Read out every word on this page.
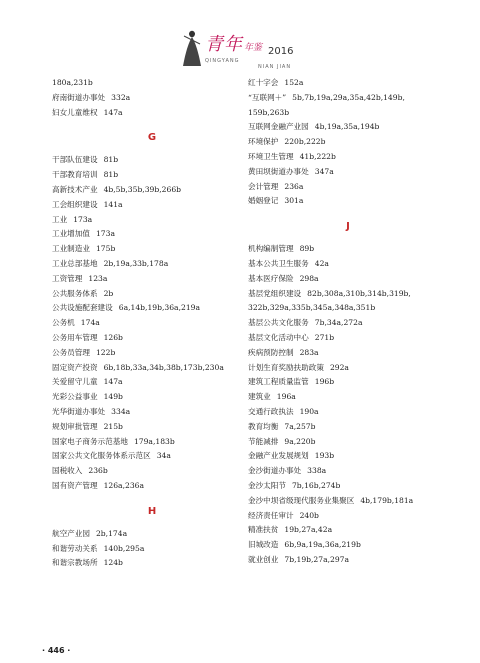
青年 年鉴 2016
QINGYANG
NIAN JIAN
180a,231b
府南街道办事处 332a
妇女儿童维权 147a
G
干部队伍建设 81b
干部教育培训 81b
高新技术产业 4b,5b,35b,39b,266b
工会组织建设 141a
工业 173a
工业增加值 173a
工业制造业 175b
工业总部基地 2b,19a,33b,178a
工资管理 123a
公共服务体系 2b
公共设施配套建设 6a,14b,19b,36a,219a
公务机 174a
公务用车管理 126b
公务员管理 122b
固定资产投资 6b,18b,33a,34b,38b,173b,230a
关爱留守儿童 147a
光彩公益事业 149b
光华街道办事处 334a
规划审批管理 215b
国家电子商务示范基地 179a,183b
国家公共文化服务体系示范区 34a
国税收入 236b
国有资产管理 126a,236a
H
航空产业园 2b,174a
和谐劳动关系 140b,295a
和谐宗教场所 124b
红十字会 152a
“互联网＋” 5b,7b,19a,29a,35a,42b,149b,
159b,263b
互联网金融产业园 4b,19a,35a,194b
环境保护 220b,222b
环境卫生管理 41b,222b
黄田坝街道办事处 347a
会计管理 236a
婚姻登记 301a
J
机构编制管理 89b
基本公共卫生服务 42a
基本医疗保险 298a
基层党组织建设 82b,308a,310b,314b,319b,
322b,329a,335b,345a,348a,351b
基层公共文化服务 7b,34a,272a
基层文化活动中心 271b
疾病预防控制 283a
计划生育奖励扶助政策 292a
建筑工程质量监管 196b
建筑业 196a
交通行政执法 190a
教育均衡 7a,257b
节能减排 9a,220b
金融产业发展规划 193b
金沙街道办事处 338a
金沙太阳节 7b,16b,274b
金沙中坝省级现代服务业集聚区 4b,179b,181a
经济责任审计 240b
精准扶贫 19b,27a,42a
旧城改造 6b,9a,19a,36a,219b
就业创业 7b,19b,27a,297a
· 446 ·
